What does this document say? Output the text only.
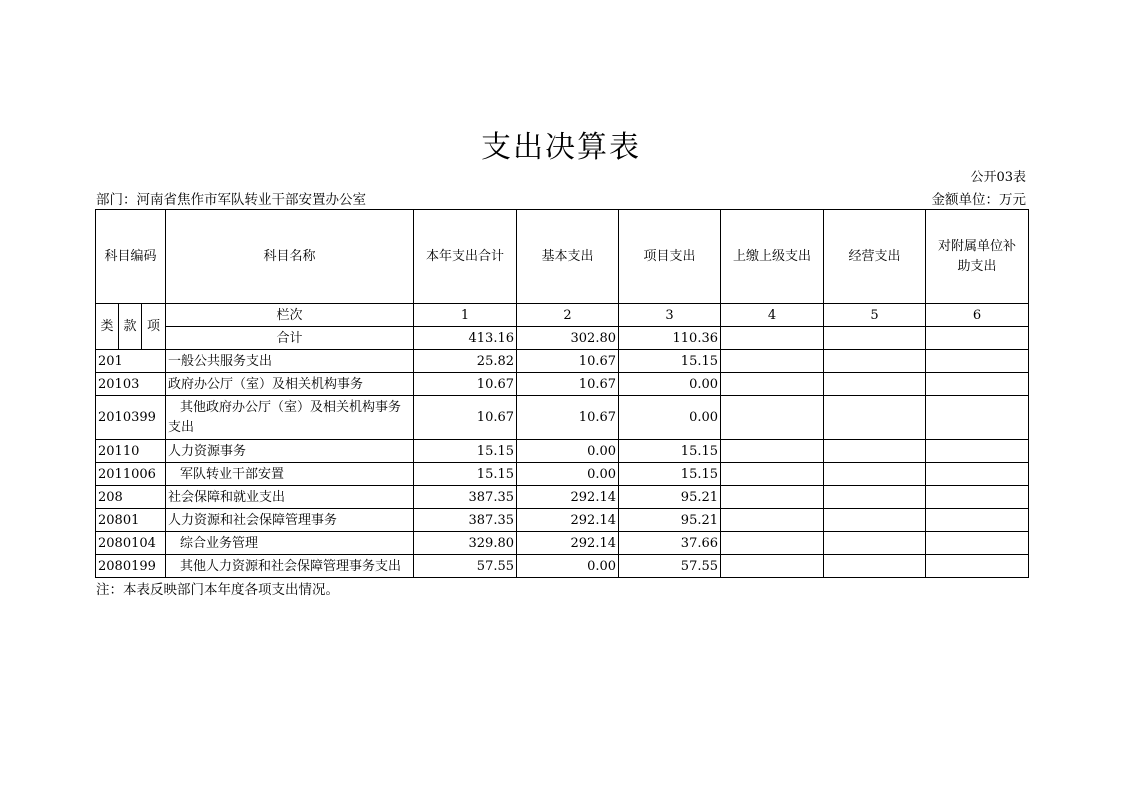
支出决算表
公开03表
部门：河南省焦作市军队转业干部安置办公室	金额单位：万元
科目编码			科目名称	本年支出合计	基本支出	项目支出	上缴上级支出	经营支出	对附属单位补助支出
类	款	项	栏次	1	2	3	4	5	6
			合计	413.16	302.80	110.36			
201			一般公共服务支出	25.82	10.67	15.15			
20103			政府办公厅（室）及相关机构事务	10.67	10.67	0.00			
2010399			其他政府办公厅（室）及相关机构事务支出	10.67	10.67	0.00			
20110			人力资源事务	15.15	0.00	15.15			
2011006			军队转业干部安置	15.15	0.00	15.15			
208			社会保障和就业支出	387.35	292.14	95.21			
20801			人力资源和社会保障管理事务	387.35	292.14	95.21			
2080104			综合业务管理	329.80	292.14	37.66			
2080199			其他人力资源和社会保障管理事务支出	57.55	0.00	57.55			
注：本表反映部门本年度各项支出情况。
